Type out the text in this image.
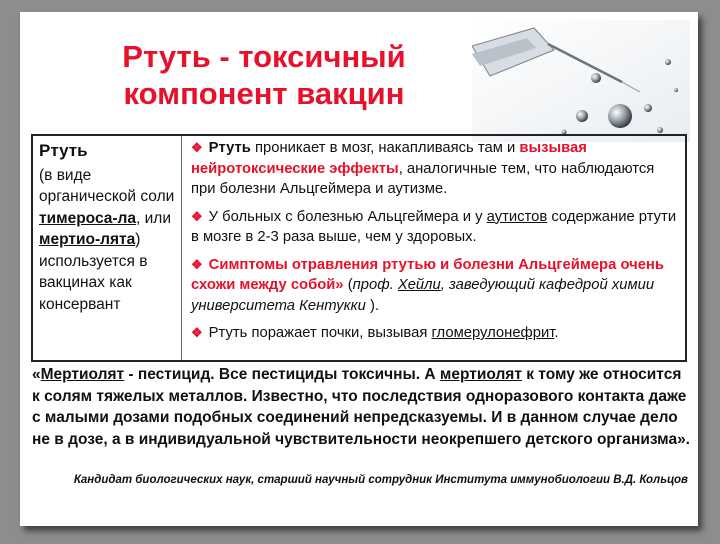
Ртуть - токсичный
компонент вакцин
Ртуть
(в виде органической соли тимероса-ла, или мертио-лята) используется в вакцинах как консервант

❖ Ртуть проникает в мозг, накапливаясь там и вызывая нейротоксические эффекты, аналогичные тем, что наблюдаются при болезни Альцгеймера и аутизме.

❖ У больных с болезнью Альцгеймера и у аутистов содержание ртути в мозге в 2-3 раза выше, чем у здоровых.

❖ Симптомы отравления ртутью и болезни Альцгеймера очень схожи между собой» (проф. Хейли, заведующий кафедрой химии университета Кентукки ).

❖ Ртуть поражает почки, вызывая гломерулонефрит.

«Мертиолят - пестицид. Все пестициды токсичны. А мертиолят к тому же относится к солям тяжелых металлов. Известно, что последствия одноразового контакта даже с малыми дозами подобных соединений непредсказуемы. И в данном случае дело не в дозе, а в индивидуальной чувствительности неокрепшего детского организма».
Кандидат биологических наук, старший научный сотрудник Института иммунобиологии В.Д. Кольцов
